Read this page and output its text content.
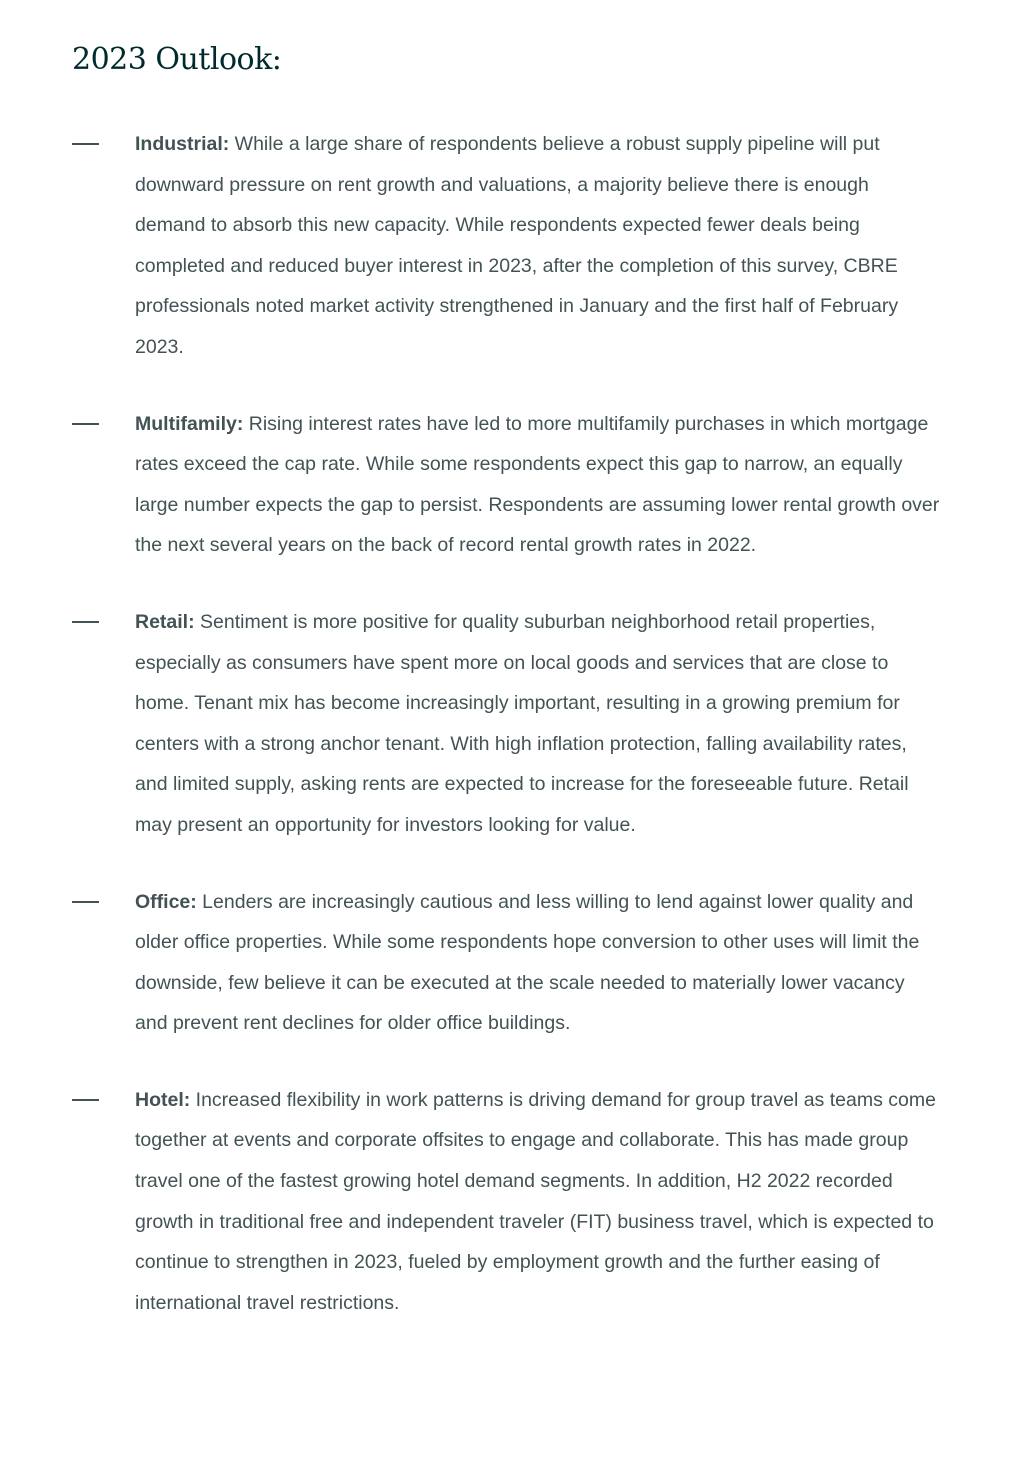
2023 Outlook:

Industrial: While a large share of respondents believe a robust supply pipeline will put downward pressure on rent growth and valuations, a majority believe there is enough demand to absorb this new capacity. While respondents expected fewer deals being completed and reduced buyer interest in 2023, after the completion of this survey, CBRE professionals noted market activity strengthened in January and the first half of February 2023.

Multifamily: Rising interest rates have led to more multifamily purchases in which mortgage rates exceed the cap rate. While some respondents expect this gap to narrow, an equally large number expects the gap to persist. Respondents are assuming lower rental growth over the next several years on the back of record rental growth rates in 2022.

Retail: Sentiment is more positive for quality suburban neighborhood retail properties, especially as consumers have spent more on local goods and services that are close to home. Tenant mix has become increasingly important, resulting in a growing premium for centers with a strong anchor tenant. With high inflation protection, falling availability rates, and limited supply, asking rents are expected to increase for the foreseeable future. Retail may present an opportunity for investors looking for value.

Office: Lenders are increasingly cautious and less willing to lend against lower quality and older office properties. While some respondents hope conversion to other uses will limit the downside, few believe it can be executed at the scale needed to materially lower vacancy and prevent rent declines for older office buildings.

Hotel: Increased flexibility in work patterns is driving demand for group travel as teams come together at events and corporate offsites to engage and collaborate. This has made group travel one of the fastest growing hotel demand segments. In addition, H2 2022 recorded growth in traditional free and independent traveler (FIT) business travel, which is expected to continue to strengthen in 2023, fueled by employment growth and the further easing of international travel restrictions.
